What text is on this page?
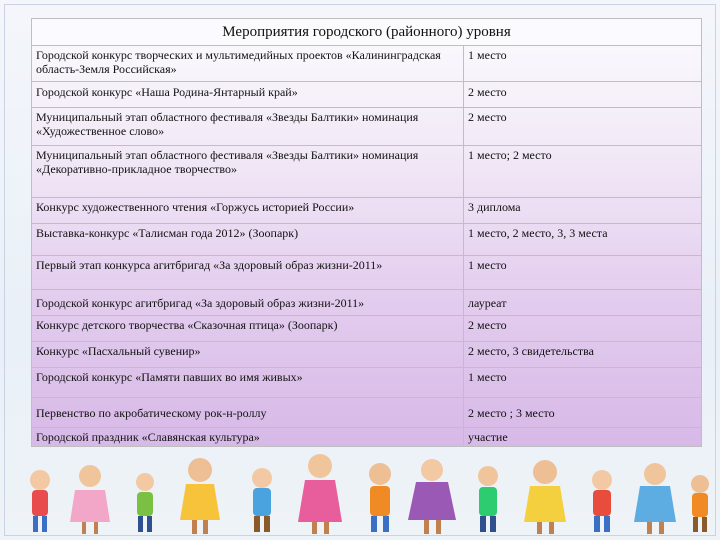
Мероприятия городского (районного) уровня	
Городской конкурс творческих и мультимедийных проектов «Калининградская область-Земля Российская»	1 место
Городской конкурс «Наша Родина-Янтарный край»	2 место
Муниципальный этап областного фестиваля «Звезды Балтики» номинация «Художественное слово»	2 место
Муниципальный этап областного фестиваля «Звезды Балтики» номинация «Декоративно-прикладное творчество»	1 место; 2 место
Конкурс художественного чтения «Горжусь историей России»	3 диплома
Выставка-конкурс «Талисман года 2012» (Зоопарк)	1 место, 2 место, 3, 3 места
Первый этап конкурса агитбригад «За здоровый образ жизни-2011»	1 место
Городской конкурс агитбригад «За здоровый образ жизни-2011»	лауреат
Конкурс детского творчества «Сказочная птица» (Зоопарк)	2 место
Конкурс «Пасхальный сувенир»	2 место, 3 свидетельства
Городской конкурс «Памяти павших во имя живых»	1 место
Первенство по акробатическому рок-н-роллу	2 место ; 3 место
Городской праздник «Славянская культура»	участие
